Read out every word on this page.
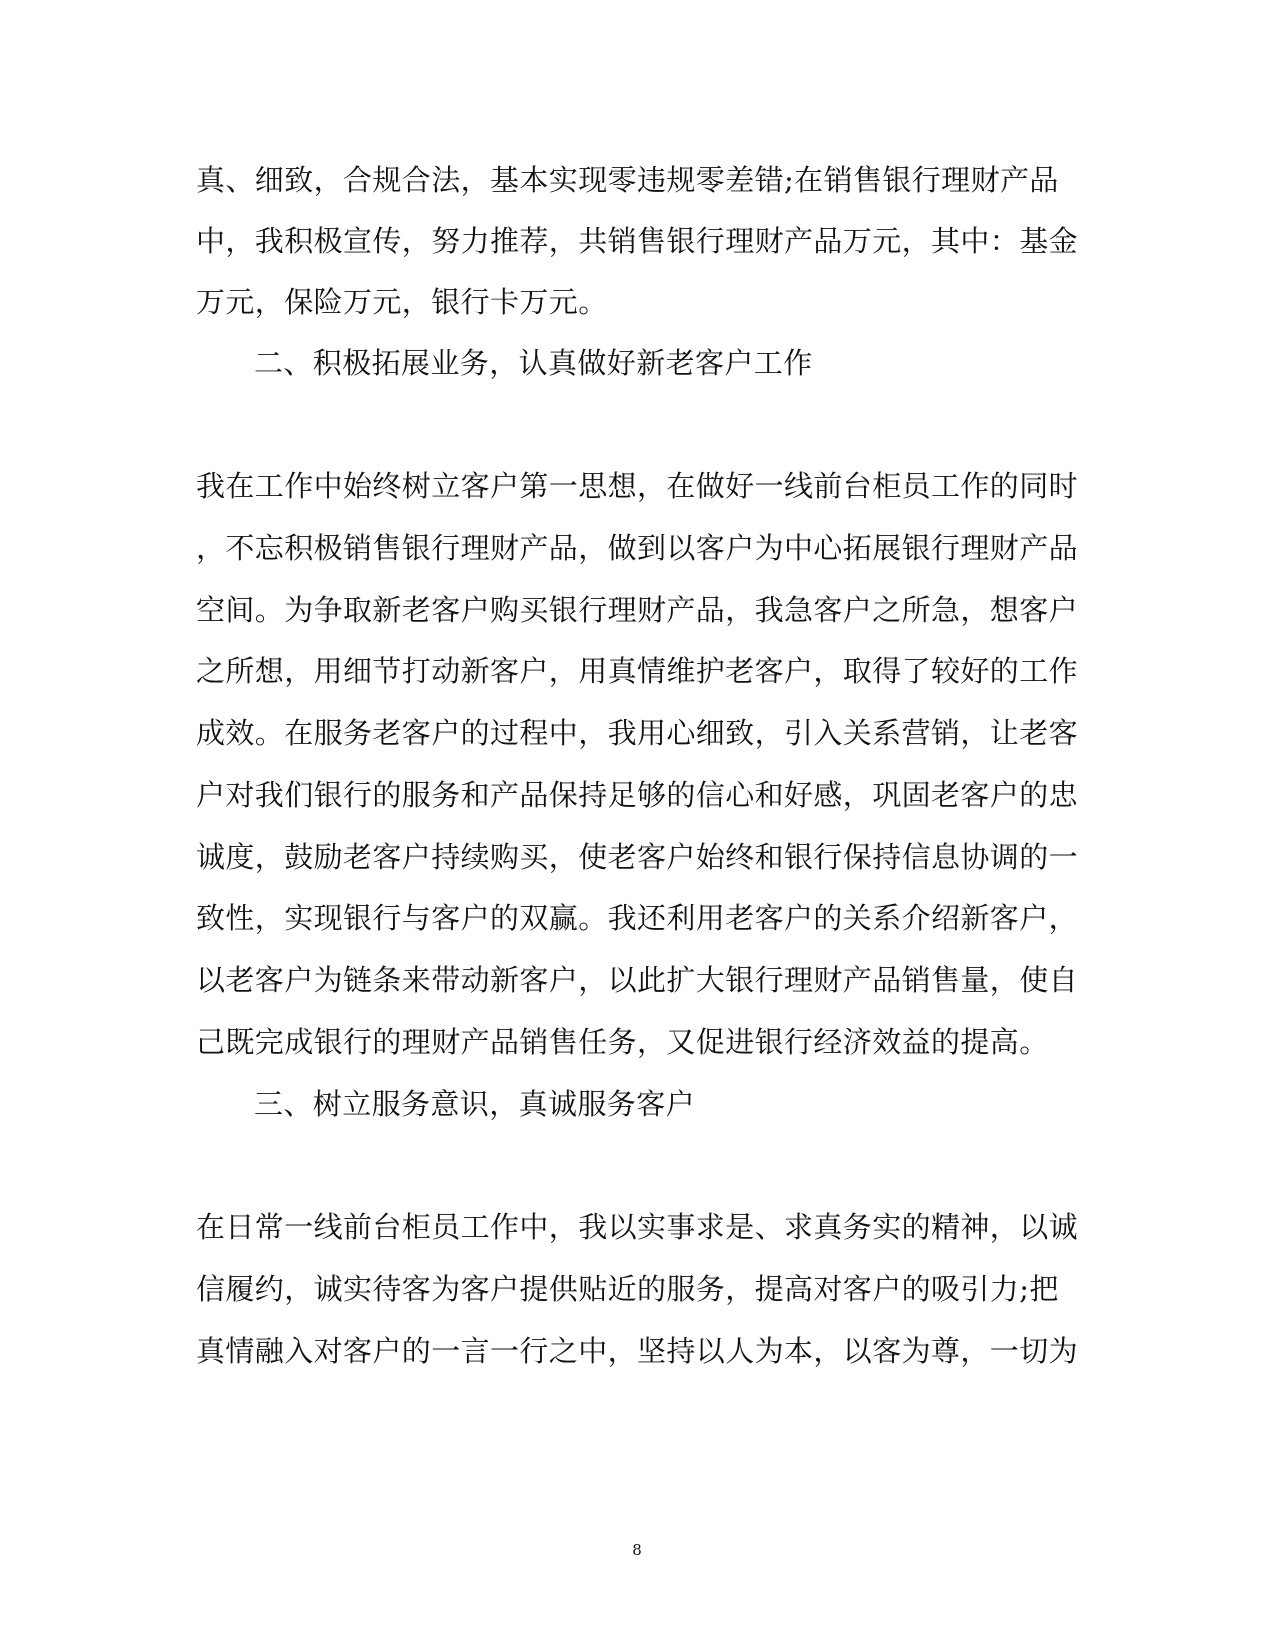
真、细致，合规合法，基本实现零违规零差错;在销售银行理财产品
中，我积极宣传，努力推荐，共销售银行理财产品万元，其中：基金
万元，保险万元，银行卡万元。
二、积极拓展业务，认真做好新老客户工作
我在工作中始终树立客户第一思想，在做好一线前台柜员工作的同时
，不忘积极销售银行理财产品，做到以客户为中心拓展银行理财产品
空间。为争取新老客户购买银行理财产品，我急客户之所急，想客户
之所想，用细节打动新客户，用真情维护老客户，取得了较好的工作
成效。在服务老客户的过程中，我用心细致，引入关系营销，让老客
户对我们银行的服务和产品保持足够的信心和好感，巩固老客户的忠
诚度，鼓励老客户持续购买，使老客户始终和银行保持信息协调的一
致性，实现银行与客户的双赢。我还利用老客户的关系介绍新客户，
以老客户为链条来带动新客户，以此扩大银行理财产品销售量，使自
己既完成银行的理财产品销售任务，又促进银行经济效益的提高。
三、树立服务意识，真诚服务客户
在日常一线前台柜员工作中，我以实事求是、求真务实的精神，以诚
信履约，诚实待客为客户提供贴近的服务，提高对客户的吸引力;把
真情融入对客户的一言一行之中，坚持以人为本，以客为尊，一切为
8
